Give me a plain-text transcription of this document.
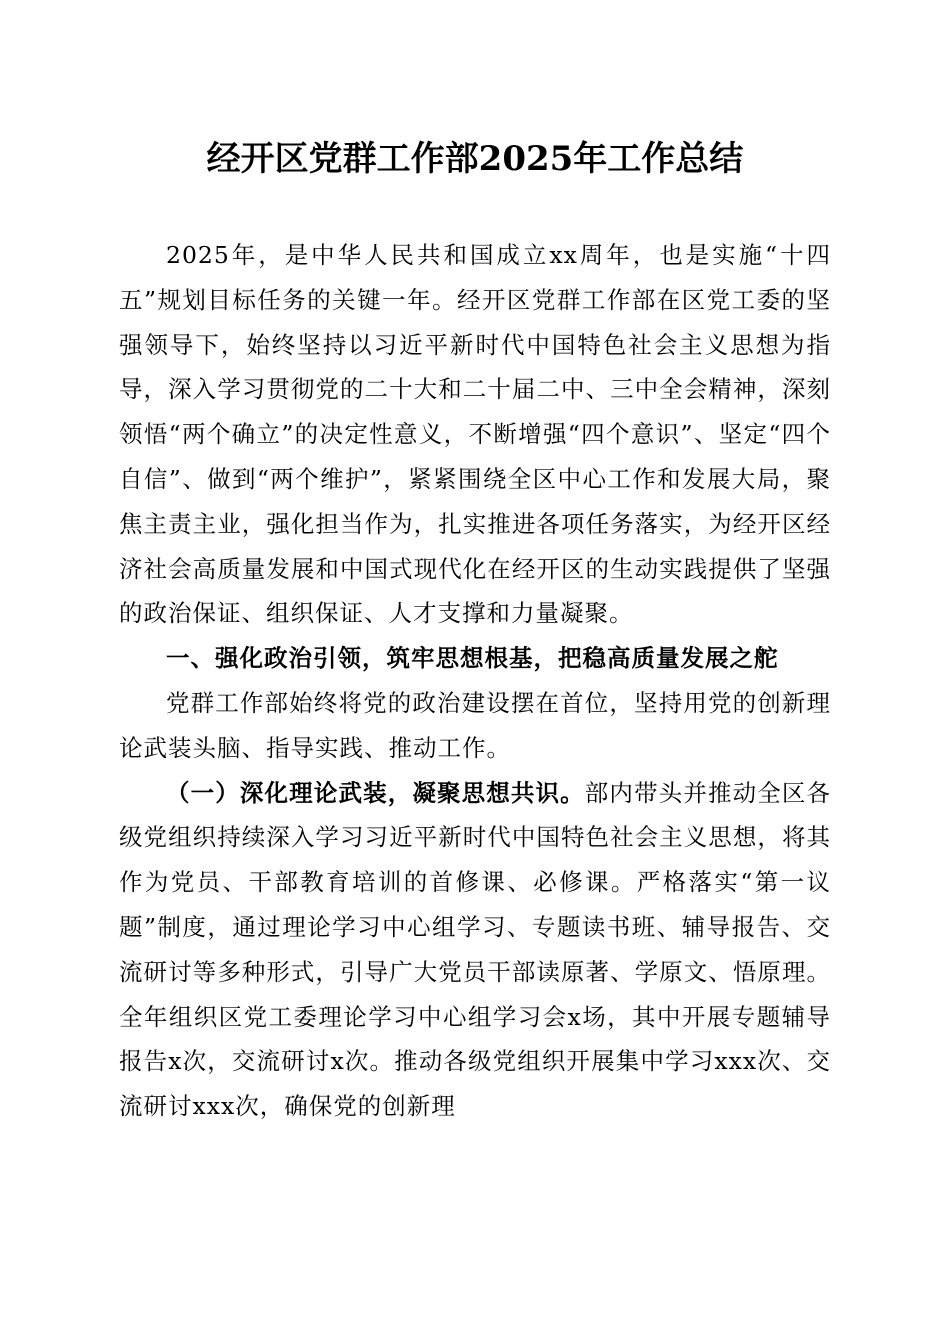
经开区党群工作部2025年工作总结

2025年，是中华人民共和国成立xx周年，也是实施“十四五”规划目标任务的关键一年。经开区党群工作部在区党工委的坚强领导下，始终坚持以习近平新时代中国特色社会主义思想为指导，深入学习贯彻党的二十大和二十届二中、三中全会精神，深刻领悟“两个确立”的决定性意义，不断增强“四个意识”、坚定“四个自信”、做到“两个维护”，紧紧围绕全区中心工作和发展大局，聚焦主责主业，强化担当作为，扎实推进各项任务落实，为经开区经济社会高质量发展和中国式现代化在经开区的生动实践提供了坚强的政治保证、组织保证、人才支撑和力量凝聚。

一、强化政治引领，筑牢思想根基，把稳高质量发展之舵

党群工作部始终将党的政治建设摆在首位，坚持用党的创新理论武装头脑、指导实践、推动工作。

（一）深化理论武装，凝聚思想共识。部内带头并推动全区各级党组织持续深入学习习近平新时代中国特色社会主义思想，将其作为党员、干部教育培训的首修课、必修课。严格落实“第一议题”制度，通过理论学习中心组学习、专题读书班、辅导报告、交流研讨等多种形式，引导广大党员干部读原著、学原文、悟原理。全年组织区党工委理论学习中心组学习会x场，其中开展专题辅导报告x次，交流研讨x次。推动各级党组织开展集中学习xxx次、交流研讨xxx次，确保党的创新理
